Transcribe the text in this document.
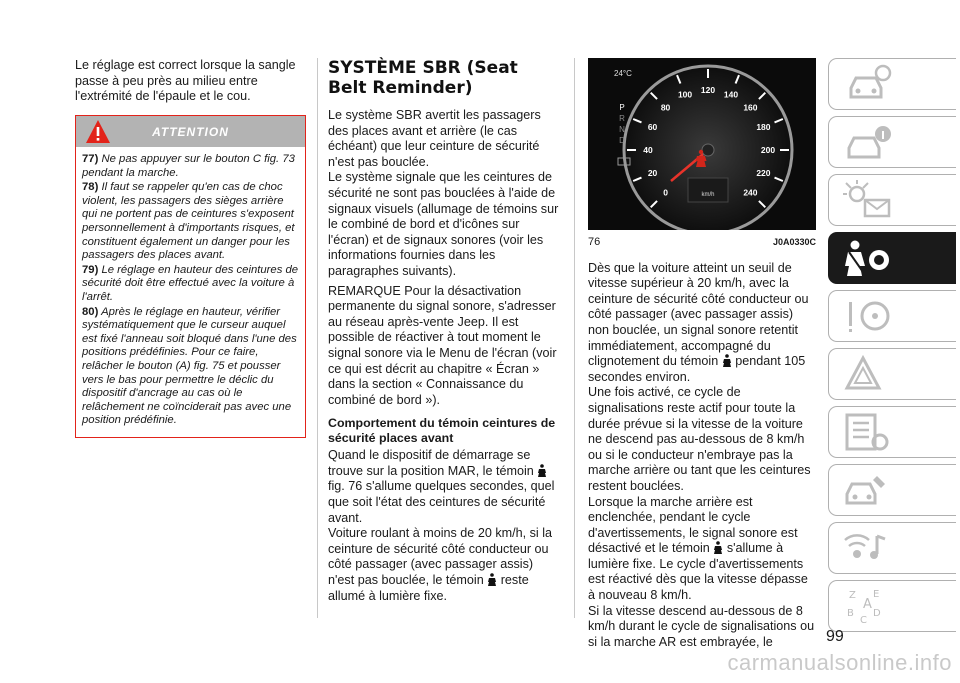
Le réglage est correct lorsque la sangle passe à peu près au milieu entre l'extrémité de l'épaule et le cou.

ATTENTION

77) Ne pas appuyer sur le bouton C fig. 73 pendant la marche.

78) Il faut se rappeler qu'en cas de choc violent, les passagers des sièges arrière qui ne portent pas de ceintures s'exposent personnellement à d'importants risques, et constituent également un danger pour les passagers des places avant.

79) Le réglage en hauteur des ceintures de sécurité doit être effectué avec la voiture à l'arrêt.

80) Après le réglage en hauteur, vérifier systématiquement que le curseur auquel est fixé l'anneau soit bloqué dans l'une des positions prédéfinies. Pour ce faire, relâcher le bouton (A) fig. 75 et pousser vers le bas pour permettre le déclic du dispositif d'ancrage au cas où le relâchement ne coïnciderait pas avec une position prédéfinie.

SYSTÈME SBR (Seat Belt Reminder)

Le système SBR avertit les passagers des places avant et arrière (le cas échéant) que leur ceinture de sécurité n'est pas bouclée.

Le système signale que les ceintures de sécurité ne sont pas bouclées à l'aide de signaux visuels (allumage de témoins sur le combiné de bord et d'icônes sur l'écran) et de signaux sonores (voir les informations fournies dans les paragraphes suivants).

REMARQUE Pour la désactivation permanente du signal sonore, s'adresser au réseau après-vente Jeep. Il est possible de réactiver à tout moment le signal sonore via le Menu de l'écran (voir ce qui est décrit au chapitre « Écran » dans la section « Connaissance du combiné de bord »).

Comportement du témoin ceintures de sécurité places avant

Quand le dispositif de démarrage se trouve sur la position MAR, le témoin  fig. 76 s'allume quelques secondes, quel que soit l'état des ceintures de sécurité avant.

Voiture roulant à moins de 20 km/h, si la ceinture de sécurité côté conducteur ou côté passager (avec passager assis) n'est pas bouclée, le témoin reste allumé à lumière fixe.

0
20
40
60
80
100 120 140
160
180
200
220
240
24°C
P
R
N
D
km/h
76	J0A0330C

Dès que la voiture atteint un seuil de vitesse supérieur à 20 km/h, avec la ceinture de sécurité côté conducteur ou côté passager (avec passager assis) non bouclée, un signal sonore retentit immédiatement, accompagné du clignotement du témoin pendant 105 secondes environ.

Une fois activé, ce cycle de signalisations reste actif pour toute la durée prévue si la vitesse de la voiture ne descend pas au-dessous de 8 km/h ou si le conducteur n'embraye pas la marche arrière ou tant que les ceintures restent bouclées.

Lorsque la marche arrière est enclenchée, pendant le cycle d'avertissements, le signal sonore est désactivé et le témoin s'allume à lumière fixe. Le cycle d'avertissements est réactivé dès que la vitesse dépasse à nouveau 8 km/h.

Si la vitesse descend au-dessous de 8 km/h durant le cycle de signalisations ou si la marche AR est embrayée, le

Z E
B
C
D
A
99
carmanualsonline.info
